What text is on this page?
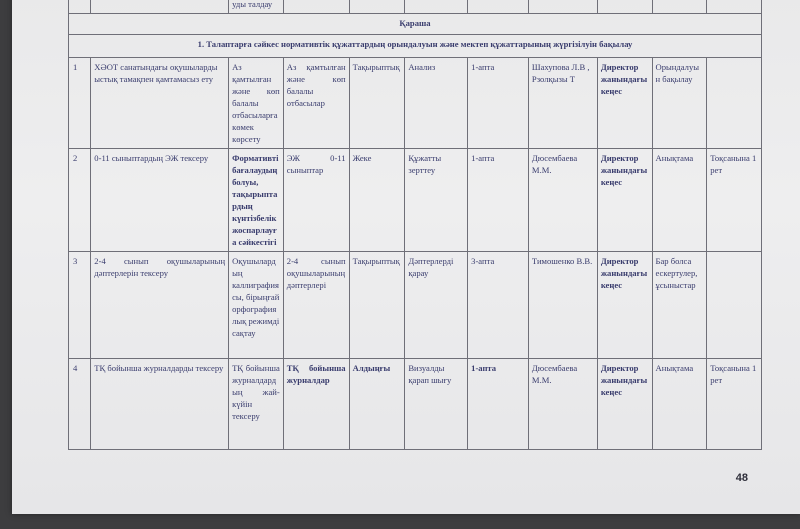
		уды талдау								
Қараша										
1. Талаптарға сәйкес нормативтік құжаттардың орындалуын және мектеп құжаттарының жүргізілуін бақылау										
1	ХӘОТ санатындағы оқушыларды ыстық тамақпен қамтамасыз ету	Аз қамтылған және көп балалы отбасыларға көмек көрсету	Аз қамтылған және көп балалы отбасылар	Тақырыптық	Анализ	1-апта	Шахупова Л.В , Рзолқызы Т	Директор жанындағы кеңес	Орындалуы н бақылау	
2	0-11 сыныптардың ЭЖ тексеру	Формативті бағалаудың болуы, тақырыптардың күнтізбелік жоспарлауға сәйкестігі	ЭЖ 0-11 сыныптар	Жеке	Құжатты зерттеу	1-апта	Дюсембаева М.М.	Директор жанындағы кеңес	Анықтама	Тоқсанына 1 рет
3	2-4 сынып оқушыларының дәптерлерін тексеру	Оқушылардың каллиграфиясы, бірыңғай орфографиялық режимді сақтау	2-4 сынып оқушыларының дәптерлері	Тақырыптық	Дәптерлерді қарау	3-апта	Тимошенко В.В.	Директор жанындағы кеңес	Бар болса ескертулер, ұсыныcтар	
4	ТҚ бойынша журналдарды тексеру	ТҚ бойынша журналдардың жай-күйін тексеру	ТҚ бойынша журналдар	Алдыңғы	Визуалды қарап шығу	1-апта	Дюсембаева М.М.	Директор жанындағы кеңес	Анықтама	Тоқсанына 1 рет
48
